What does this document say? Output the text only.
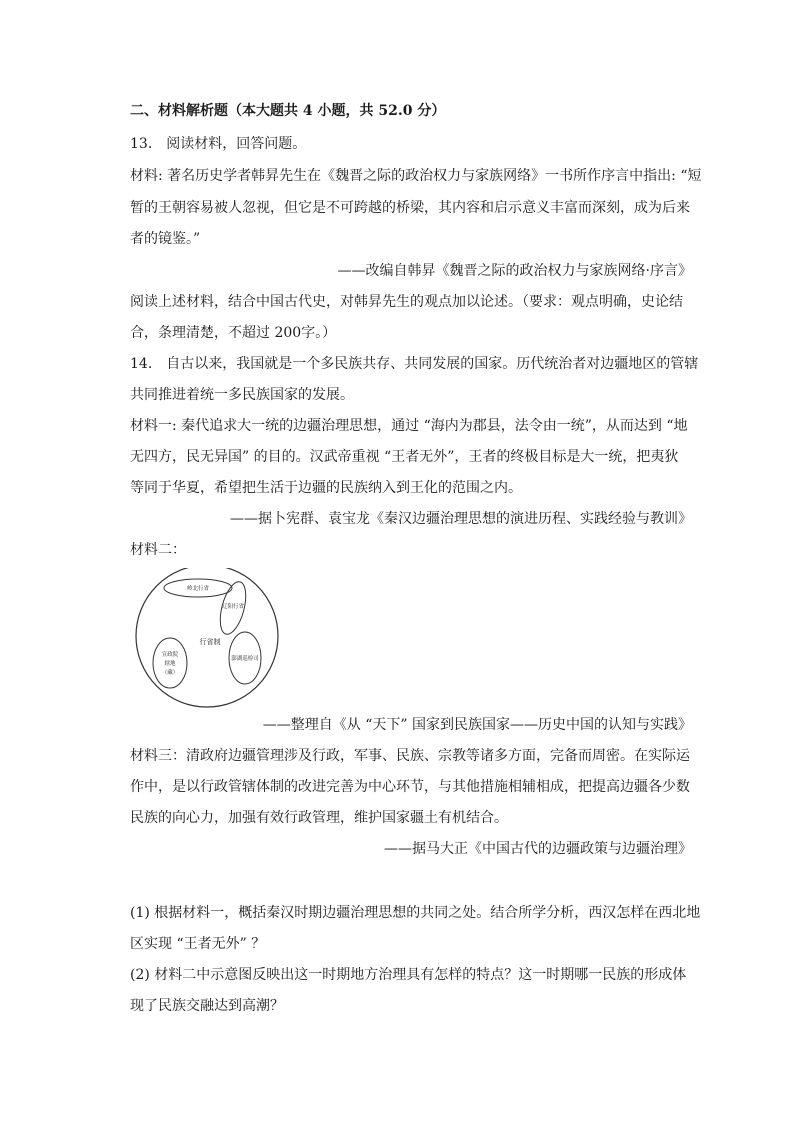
二、材料解析题（本大题共 4 小题，共 52.0 分）
13.　阅读材料，回答问题。
材料: 著名历史学者韩昇先生在《魏晋之际的政治权力与家族网络》一书所作序言中指出: “短
暂的王朝容易被人忽视，但它是不可跨越的桥梁，其内容和启示意义丰富而深刻，成为后来
者的镜鉴。”
——改编自韩昇《魏晋之际的政治权力与家族网络·序言》
阅读上述材料，结合中国古代史，对韩昇先生的观点加以论述。（要求：观点明确，史论结
合，条理清楚，不超过 200字。）
14.　自古以来，我国就是一个多民族共存、共同发展的国家。历代统治者对边疆地区的管辖
共同推进着统一多民族国家的发展。
材料一: 秦代追求大一统的边疆治理思想，通过 “海内为郡县，法令由一统”，从而达到 “地
无四方，民无异国” 的目的。汉武帝重视 “王者无外”，王者的终极目标是大一统，把夷狄
等同于华夏，希望把生活于边疆的民族纳入到王化的范围之内。
——据卜宪群、袁宝龙《秦汉边疆治理思想的演进历程、实践经验与教训》
材料二：
岭北行省
辽阳行省
澎湖巡检司
宣政院
辖地
（藏）
行省制
——整理自《从 “天下” 国家到民族国家——历史中国的认知与实践》
材料三：清政府边疆管理涉及行政，军事、民族、宗教等诸多方面，完备而周密。在实际运
作中，是以行政管辖体制的改进完善为中心环节，与其他措施相辅相成，把提高边疆各少数
民族的向心力，加强有效行政管理，维护国家疆土有机结合。
——据马大正《中国古代的边疆政策与边疆治理》
(1) 根据材料一，概括秦汉时期边疆治理思想的共同之处。结合所学分析，西汉怎样在西北地
区实现 “王者无外” ？
(2) 材料二中示意图反映出这一时期地方治理具有怎样的特点？这一时期哪一民族的形成体
现了民族交融达到高潮？
